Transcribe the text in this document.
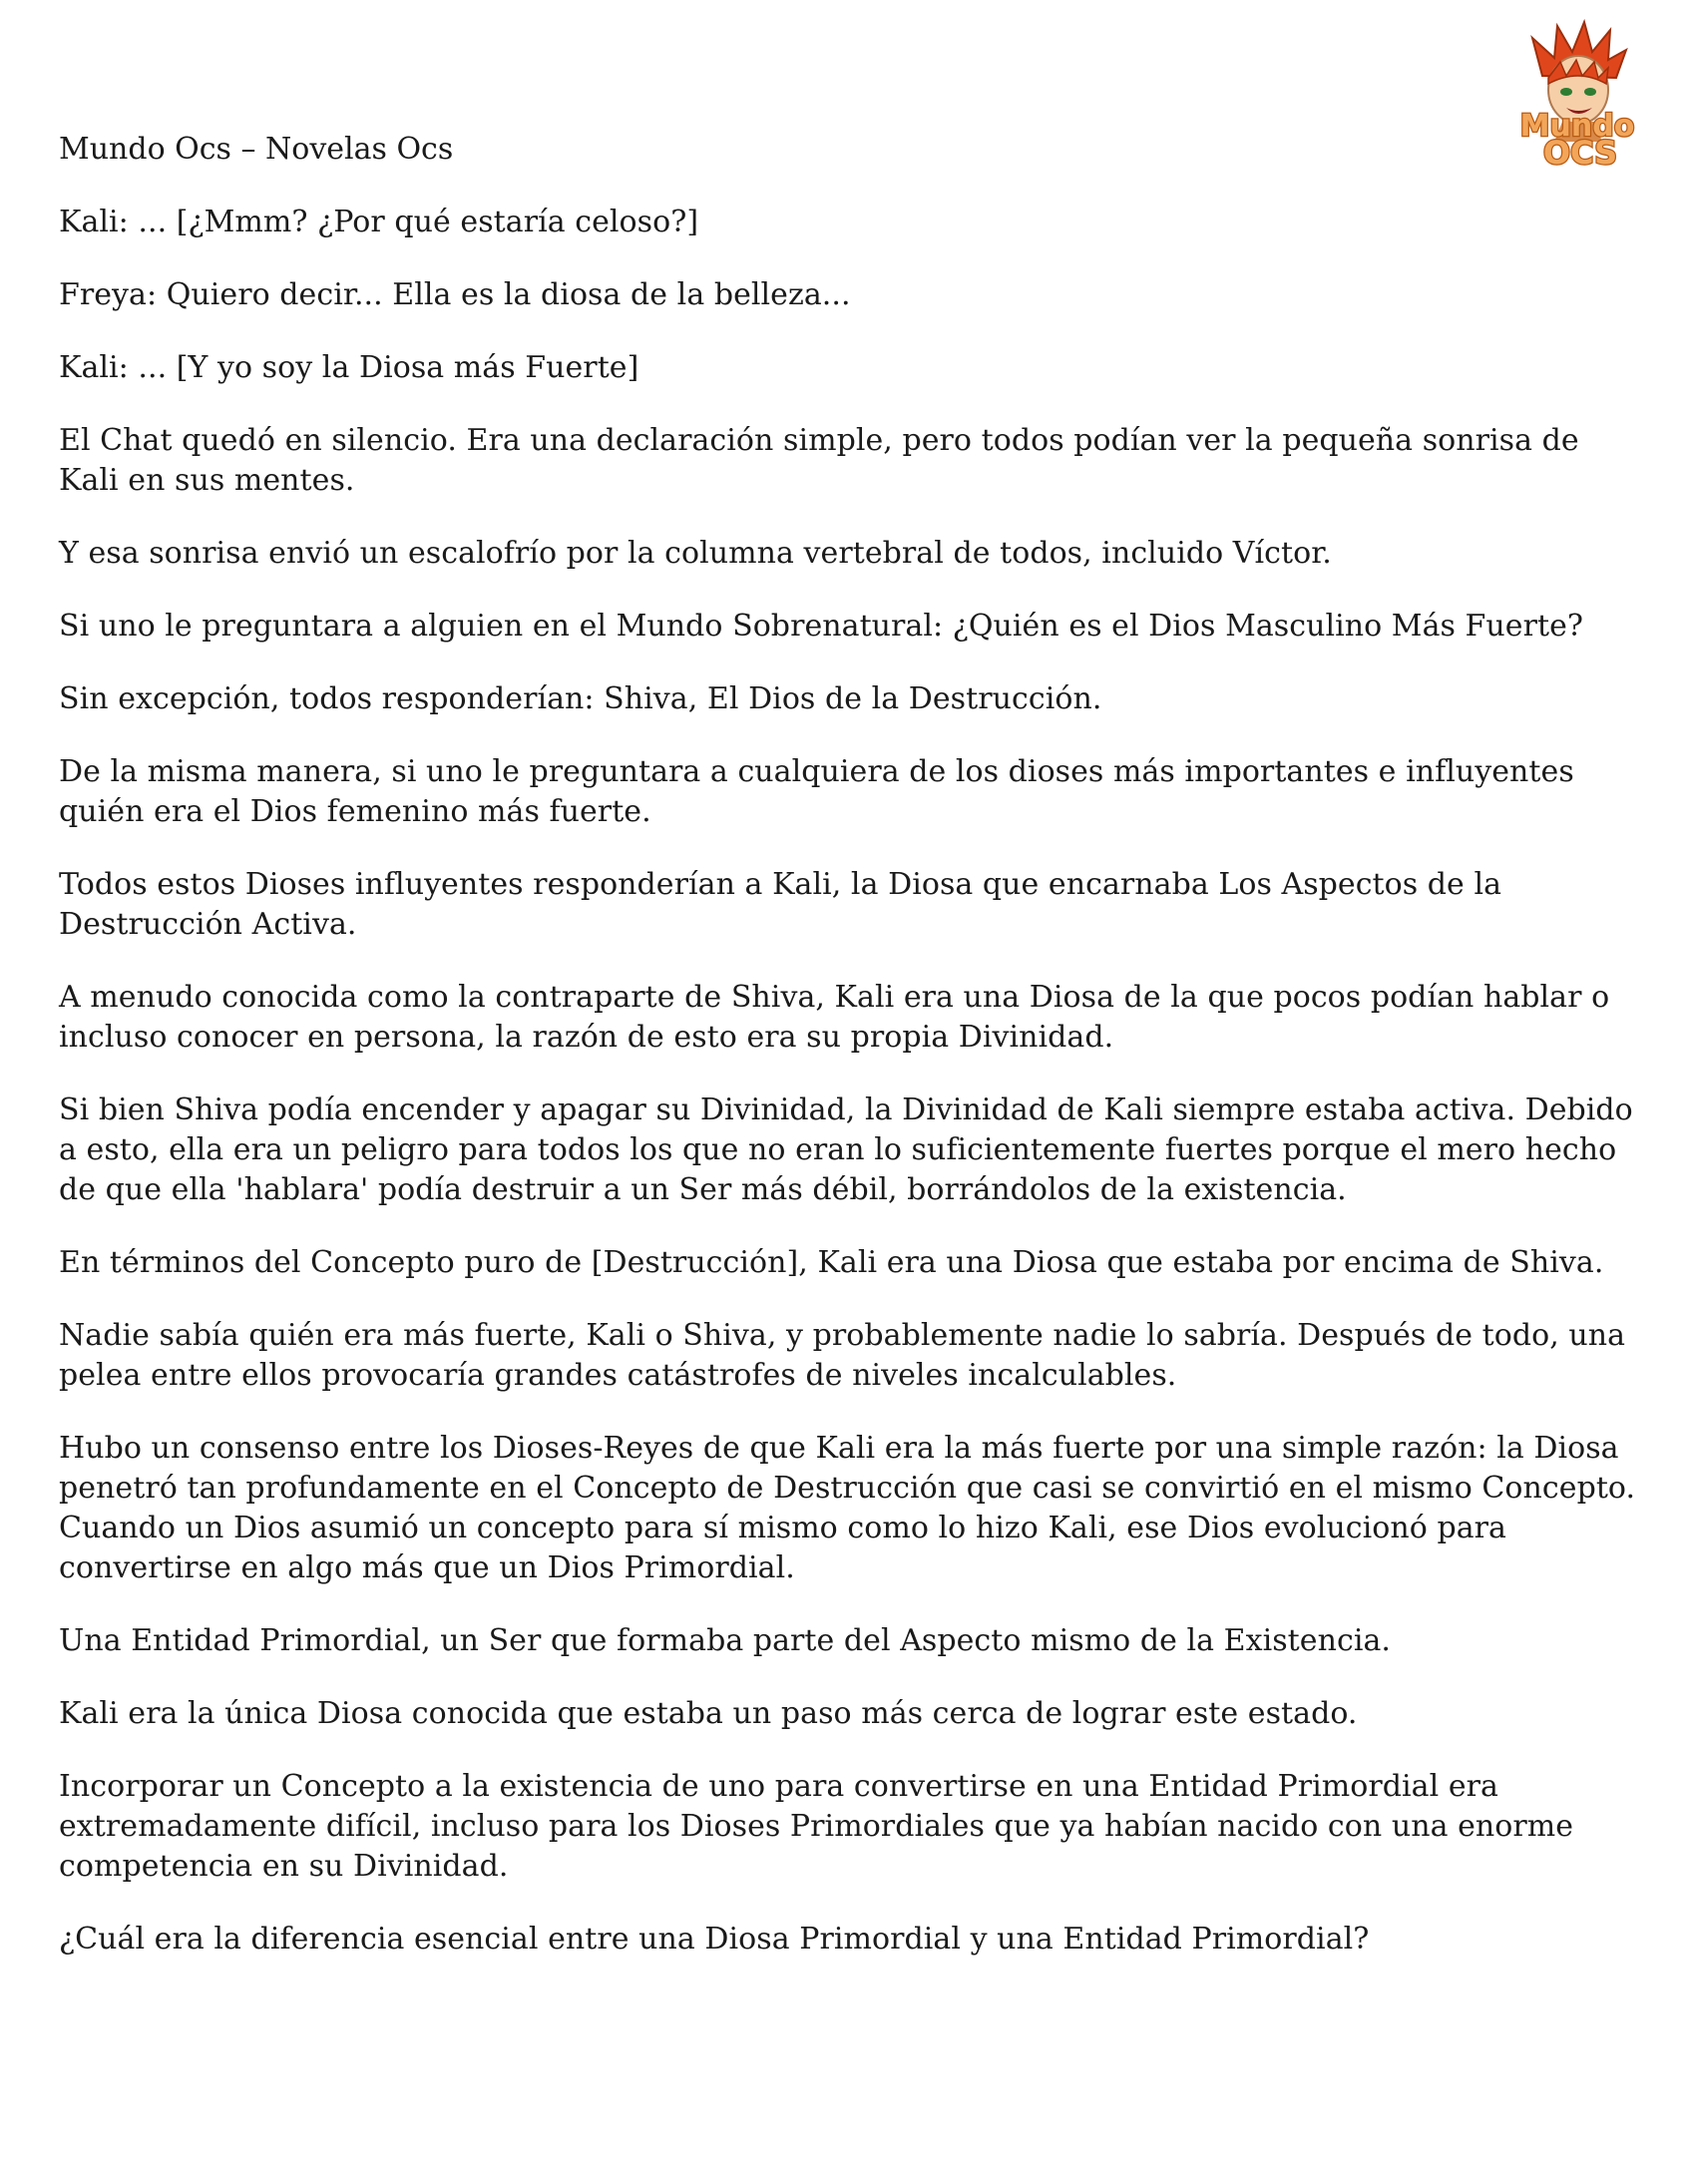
Mundo
OCS
Mundo Ocs – Novelas Ocs

Kali: ... [¿Mmm? ¿Por qué estaría celoso?]

Freya: Quiero decir... Ella es la diosa de la belleza...

Kali: ... [Y yo soy la Diosa más Fuerte]

El Chat quedó en silencio. Era una declaración simple, pero todos podían ver la pequeña sonrisa de Kali en sus mentes.

Y esa sonrisa envió un escalofrío por la columna vertebral de todos, incluido Víctor.

Si uno le preguntara a alguien en el Mundo Sobrenatural: ¿Quién es el Dios Masculino Más Fuerte?

Sin excepción, todos responderían: Shiva, El Dios de la Destrucción.

De la misma manera, si uno le preguntara a cualquiera de los dioses más importantes e influyentes quién era el Dios femenino más fuerte.

Todos estos Dioses influyentes responderían a Kali, la Diosa que encarnaba Los Aspectos de la Destrucción Activa.

A menudo conocida como la contraparte de Shiva, Kali era una Diosa de la que pocos podían hablar o incluso conocer en persona, la razón de esto era su propia Divinidad.

Si bien Shiva podía encender y apagar su Divinidad, la Divinidad de Kali siempre estaba activa. Debido a esto, ella era un peligro para todos los que no eran lo suficientemente fuertes porque el mero hecho de que ella 'hablara' podía destruir a un Ser más débil, borrándolos de la existencia.

En términos del Concepto puro de [Destrucción], Kali era una Diosa que estaba por encima de Shiva.

Nadie sabía quién era más fuerte, Kali o Shiva, y probablemente nadie lo sabría. Después de todo, una pelea entre ellos provocaría grandes catástrofes de niveles incalculables.

Hubo un consenso entre los Dioses-Reyes de que Kali era la más fuerte por una simple razón: la Diosa penetró tan profundamente en el Concepto de Destrucción que casi se convirtió en el mismo Concepto. Cuando un Dios asumió un concepto para sí mismo como lo hizo Kali, ese Dios evolucionó para convertirse en algo más que un Dios Primordial.

Una Entidad Primordial, un Ser que formaba parte del Aspecto mismo de la Existencia.

Kali era la única Diosa conocida que estaba un paso más cerca de lograr este estado.

Incorporar un Concepto a la existencia de uno para convertirse en una Entidad Primordial era extremadamente difícil, incluso para los Dioses Primordiales que ya habían nacido con una enorme competencia en su Divinidad.

¿Cuál era la diferencia esencial entre una Diosa Primordial y una Entidad Primordial?
